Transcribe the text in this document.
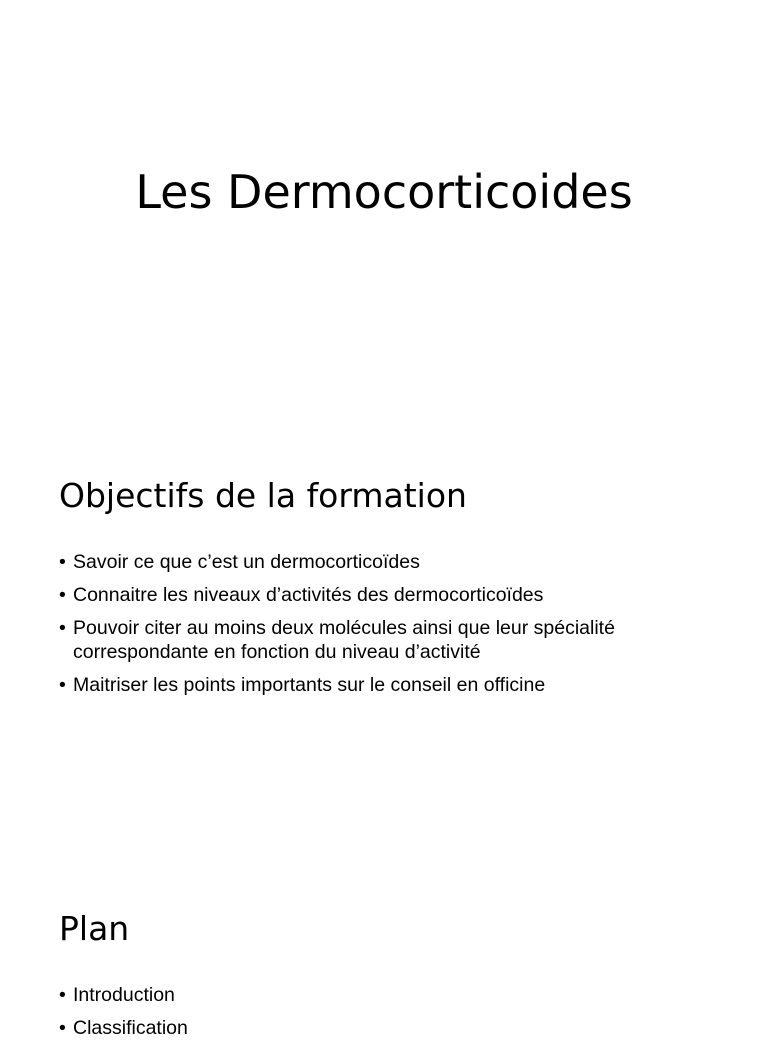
Les Dermocorticoides
Objectifs de la formation
• Savoir ce que c’est un dermocorticoïdes
• Connaitre les niveaux d’activités des dermocorticoïdes
• Pouvoir citer au moins deux molécules ainsi que leur spécialité correspondante en fonction du niveau d’activité
• Maitriser les points importants sur le conseil en officine
Plan
• Introduction
• Classification
